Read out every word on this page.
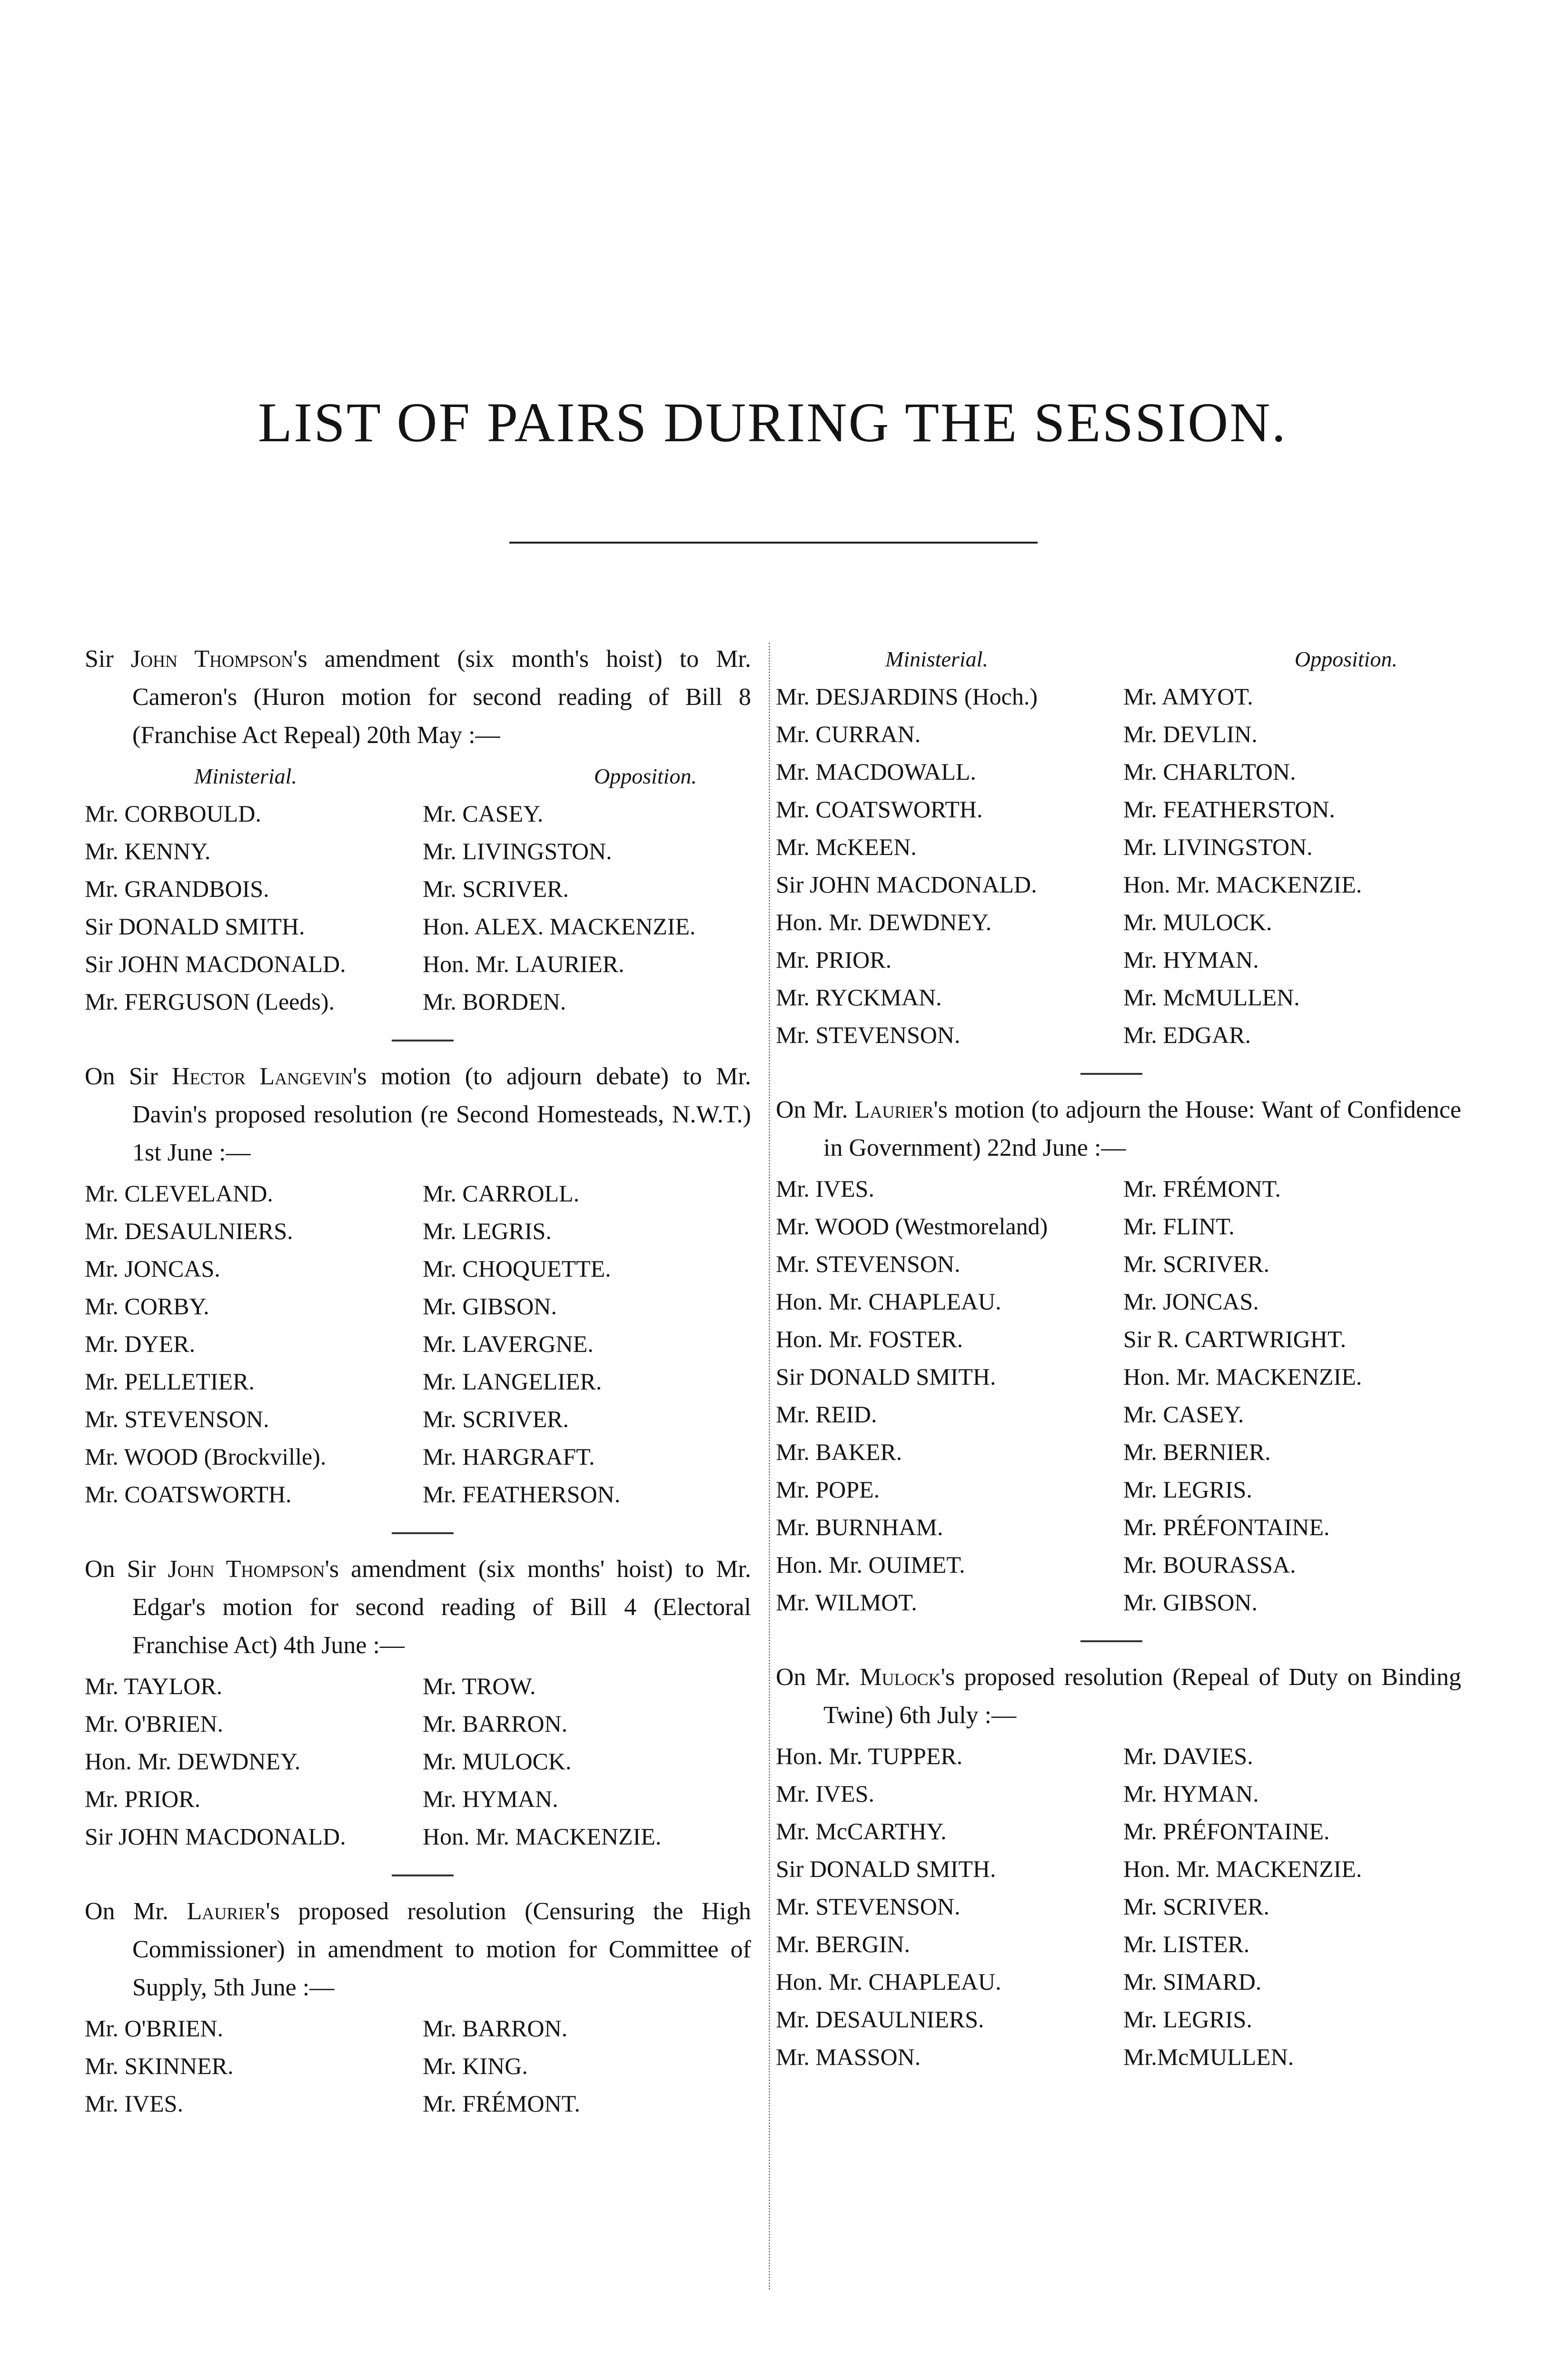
LIST OF PAIRS DURING THE SESSION.

Sir John Thompson's amendment (six month's hoist) to Mr. Cameron's (Huron motion for second reading of Bill 8 (Franchise Act Repeal) 20th May :—

Ministerial.	Opposition.
Mr. CORBOULD.	Mr. CASEY.
Mr. KENNY.	Mr. LIVINGSTON.
Mr. GRANDBOIS.	Mr. SCRIVER.
Sir DONALD SMITH.	Hon. ALEX. MACKENZIE.
Sir JOHN MACDONALD.	Hon. Mr. LAURIER.
Mr. FERGUSON (Leeds).	Mr. BORDEN.

On Sir Hector Langevin's motion (to adjourn debate) to Mr. Davin's proposed resolution (re Second Homesteads, N.W.T.) 1st June :—

Mr. CLEVELAND.	Mr. CARROLL.
Mr. DESAULNIERS.	Mr. LEGRIS.
Mr. JONCAS.	Mr. CHOQUETTE.
Mr. CORBY.	Mr. GIBSON.
Mr. DYER.	Mr. LAVERGNE.
Mr. PELLETIER.	Mr. LANGELIER.
Mr. STEVENSON.	Mr. SCRIVER.
Mr. WOOD (Brockville).	Mr. HARGRAFT.
Mr. COATSWORTH.	Mr. FEATHERSON.

On Sir John Thompson's amendment (six months' hoist) to Mr. Edgar's motion for second reading of Bill 4 (Electoral Franchise Act) 4th June :—

Mr. TAYLOR.	Mr. TROW.
Mr. O'BRIEN.	Mr. BARRON.
Hon. Mr. DEWDNEY.	Mr. MULOCK.
Mr. PRIOR.	Mr. HYMAN.
Sir JOHN MACDONALD.	Hon. Mr. MACKENZIE.

On Mr. Laurier's proposed resolution (Censuring the High Commissioner) in amendment to motion for Committee of Supply, 5th June :—

Mr. O'BRIEN.	Mr. BARRON.
Mr. SKINNER.	Mr. KING.
Mr. IVES.	Mr. FRÉMONT.
Ministerial.	Opposition.
Mr. DESJARDINS (Hoch.)	Mr. AMYOT.
Mr. CURRAN.	Mr. DEVLIN.
Mr. MACDOWALL.	Mr. CHARLTON.
Mr. COATSWORTH.	Mr. FEATHERSTON.
Mr. McKEEN.	Mr. LIVINGSTON.
Sir JOHN MACDONALD.	Hon. Mr. MACKENZIE.
Hon. Mr. DEWDNEY.	Mr. MULOCK.
Mr. PRIOR.	Mr. HYMAN.
Mr. RYCKMAN.	Mr. McMULLEN.
Mr. STEVENSON.	Mr. EDGAR.

On Mr. Laurier's motion (to adjourn the House: Want of Confidence in Government) 22nd June :—

Mr. IVES.	Mr. FRÉMONT.
Mr. WOOD (Westmoreland)	Mr. FLINT.
Mr. STEVENSON.	Mr. SCRIVER.
Hon. Mr. CHAPLEAU.	Mr. JONCAS.
Hon. Mr. FOSTER.	Sir R. CARTWRIGHT.
Sir DONALD SMITH.	Hon. Mr. MACKENZIE.
Mr. REID.	Mr. CASEY.
Mr. BAKER.	Mr. BERNIER.
Mr. POPE.	Mr. LEGRIS.
Mr. BURNHAM.	Mr. PRÉFONTAINE.
Hon. Mr. OUIMET.	Mr. BOURASSA.
Mr. WILMOT.	Mr. GIBSON.

On Mr. Mulock's proposed resolution (Repeal of Duty on Binding Twine) 6th July :—

Hon. Mr. TUPPER.	Mr. DAVIES.
Mr. IVES.	Mr. HYMAN.
Mr. McCARTHY.	Mr. PRÉFONTAINE.
Sir DONALD SMITH.	Hon. Mr. MACKENZIE.
Mr. STEVENSON.	Mr. SCRIVER.
Mr. BERGIN.	Mr. LISTER.
Hon. Mr. CHAPLEAU.	Mr. SIMARD.
Mr. DESAULNIERS.	Mr. LEGRIS.
Mr. MASSON.	Mr.McMULLEN.
